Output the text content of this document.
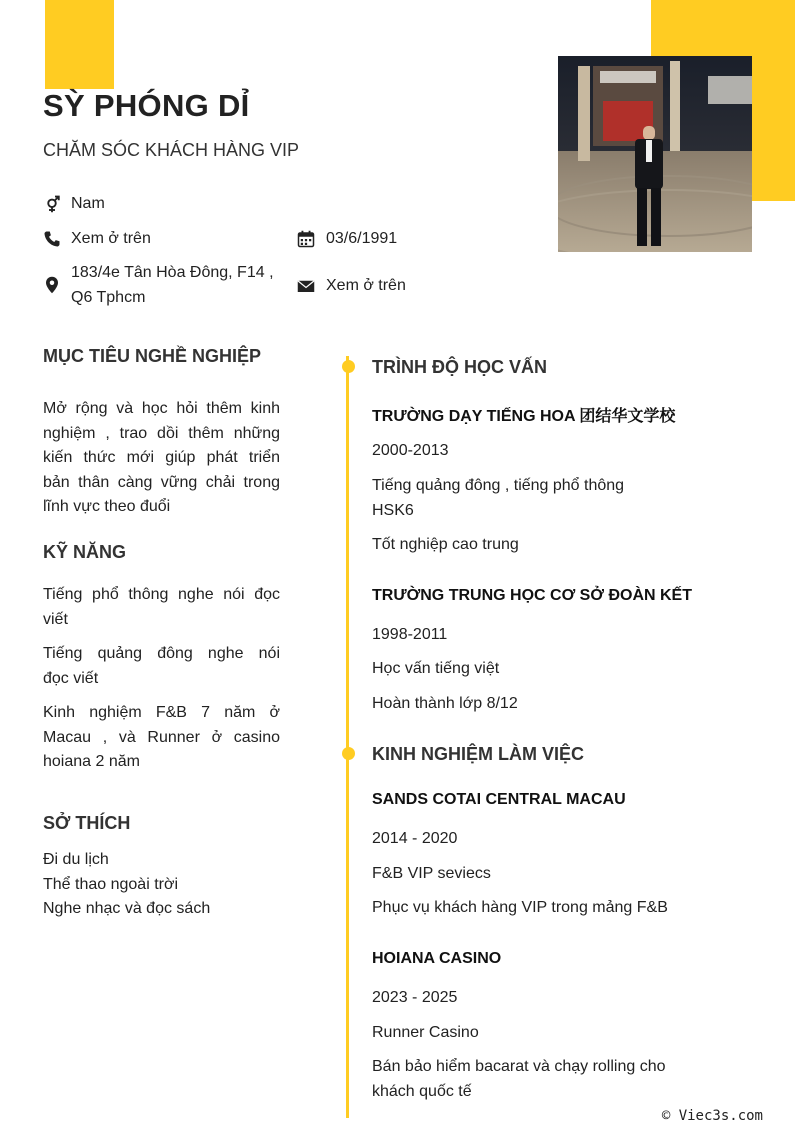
SỲ PHÓNG DỈ
CHĂM SÓC KHÁCH HÀNG VIP
Nam
Xem ở trên	03/6/1991
183/4e Tân Hòa Đông, F14 ,
Q6 Tphcm
Xem ở trên
MỤC TIÊU NGHỀ NGHIỆP
Mở rộng và học hỏi thêm kinh
nghiệm , trao dồi thêm những
kiến thức mới giúp phát triển
bản thân càng vững chải trong
lĩnh vực theo đuổi
KỸ NĂNG
Tiếng phổ thông nghe nói đọc
viết
Tiếng quảng đông nghe nói
đọc viết
Kinh nghiệm F&B 7 năm ở
Macau , và Runner ở casino
hoiana 2 năm
SỞ THÍCH
Đi du lịch
Thể thao ngoài trời
Nghe nhạc và đọc sách
TRÌNH ĐỘ HỌC VẤN
TRƯỜNG DẠY TIẾNG HOA 团结华文学校
2000-2013
Tiếng quảng đông , tiếng phổ thông
HSK6
Tốt nghiệp cao trung
TRƯỜNG TRUNG HỌC CƠ SỞ ĐOÀN KẾT
1998-2011
Học vấn tiếng việt
Hoàn thành lớp 8/12
KINH NGHIỆM LÀM VIỆC
SANDS COTAI CENTRAL MACAU
2014 - 2020
F&B VIP seviecs
Phục vụ khách hàng VIP trong mảng F&B
HOIANA CASINO
2023 - 2025
Runner Casino
Bán bảo hiểm bacarat và chạy rolling cho
khách quốc tế
© Viec3s.com
